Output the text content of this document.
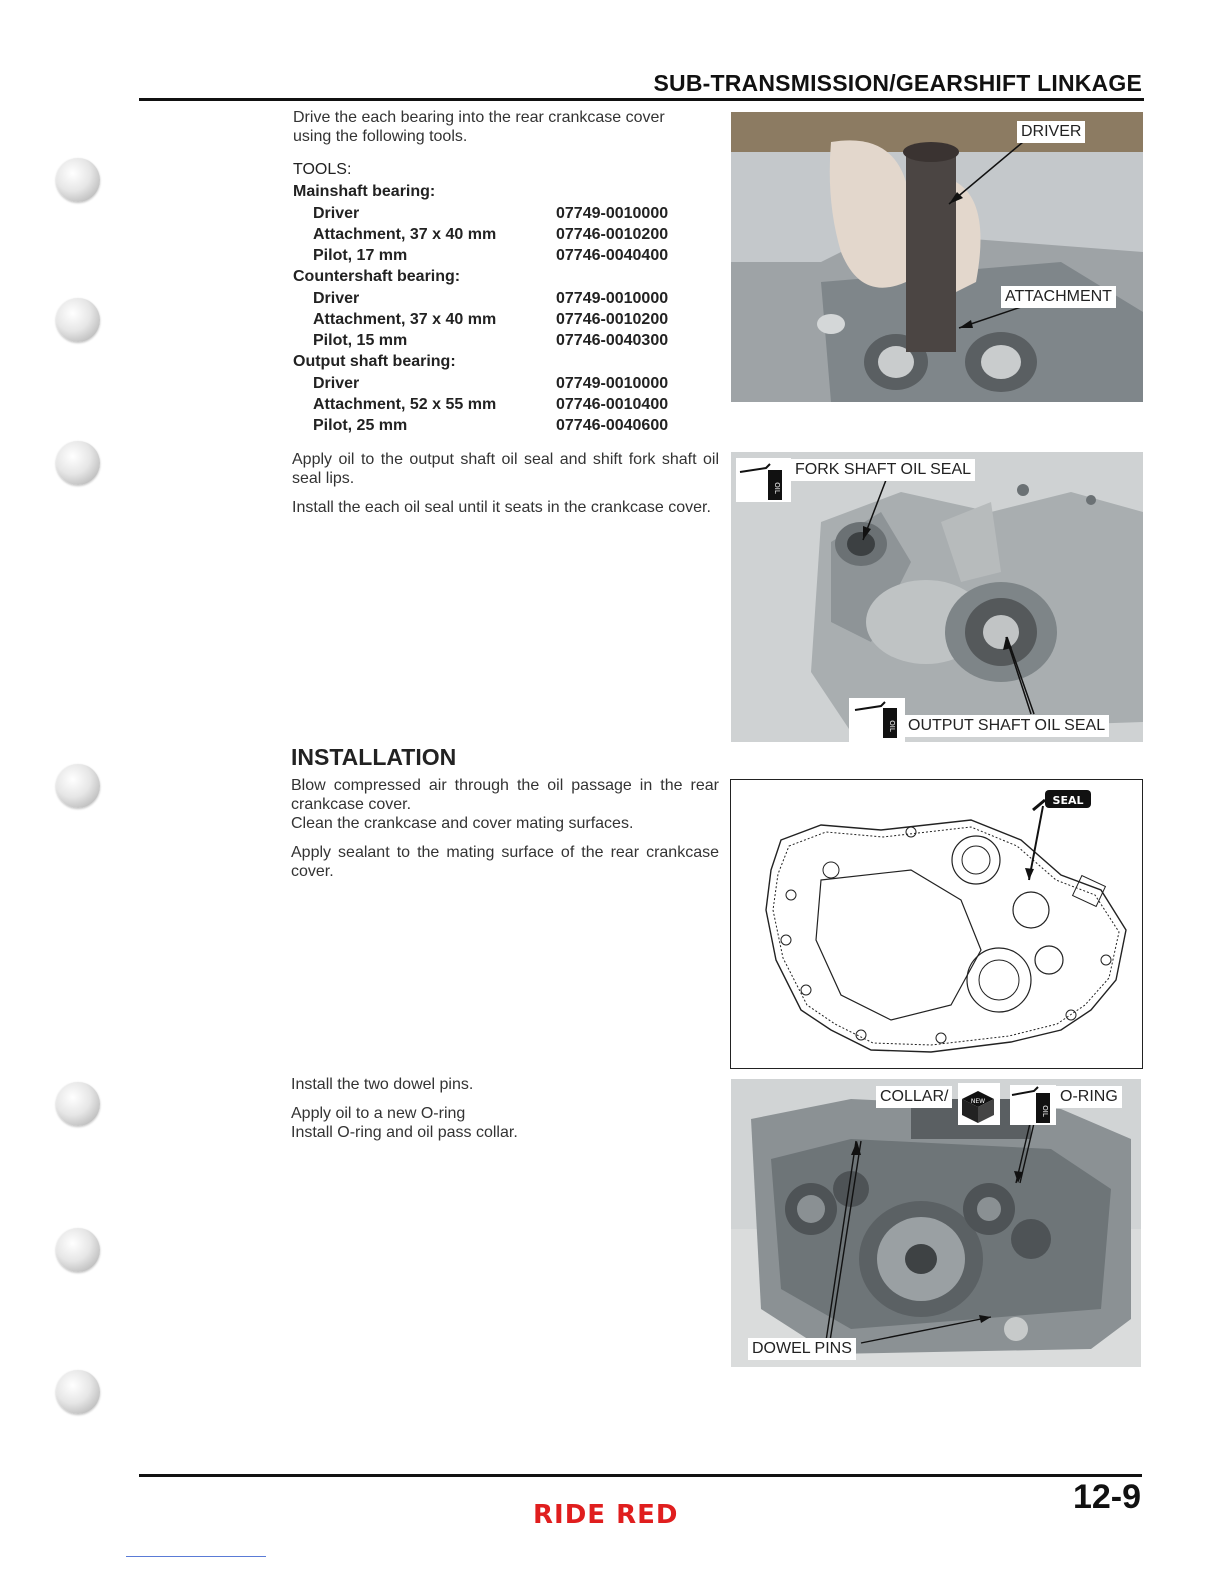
SUB-TRANSMISSION/GEARSHIFT LINKAGE
Drive the each bearing into the rear crankcase cover
using the following tools.
TOOLS:
Mainshaft bearing:
Driver	07749-0010000
Attachment, 37 x 40 mm	07746-0010200
Pilot, 17 mm	07746-0040400
Countershaft bearing:
Driver	07749-0010000
Attachment, 37 x 40 mm	07746-0010200
Pilot, 15 mm	07746-0040300
Output shaft bearing:
Driver	07749-0010000
Attachment, 52 x 55 mm	07746-0010400
Pilot, 25 mm	07746-0040600
Apply oil to the output shaft oil seal and shift fork shaft oil seal lips.
Install the each oil seal until it seats in the crankcase cover.
INSTALLATION
Blow compressed air through the oil passage in the rear crankcase cover.
Clean the crankcase and cover mating surfaces.
Apply sealant to the mating surface of the rear crankcase cover.
Install the two dowel pins.
Apply oil to a new O-ring
Install O-ring and oil pass collar.
DRIVER
ATTACHMENT
OIL
FORK SHAFT OIL SEAL
OIL OUTPUT SHAFT OIL SEAL
SEAL
COLLAR/	NEW
OIL
O-RING
DOWEL PINS
12-9
RIDE RED
